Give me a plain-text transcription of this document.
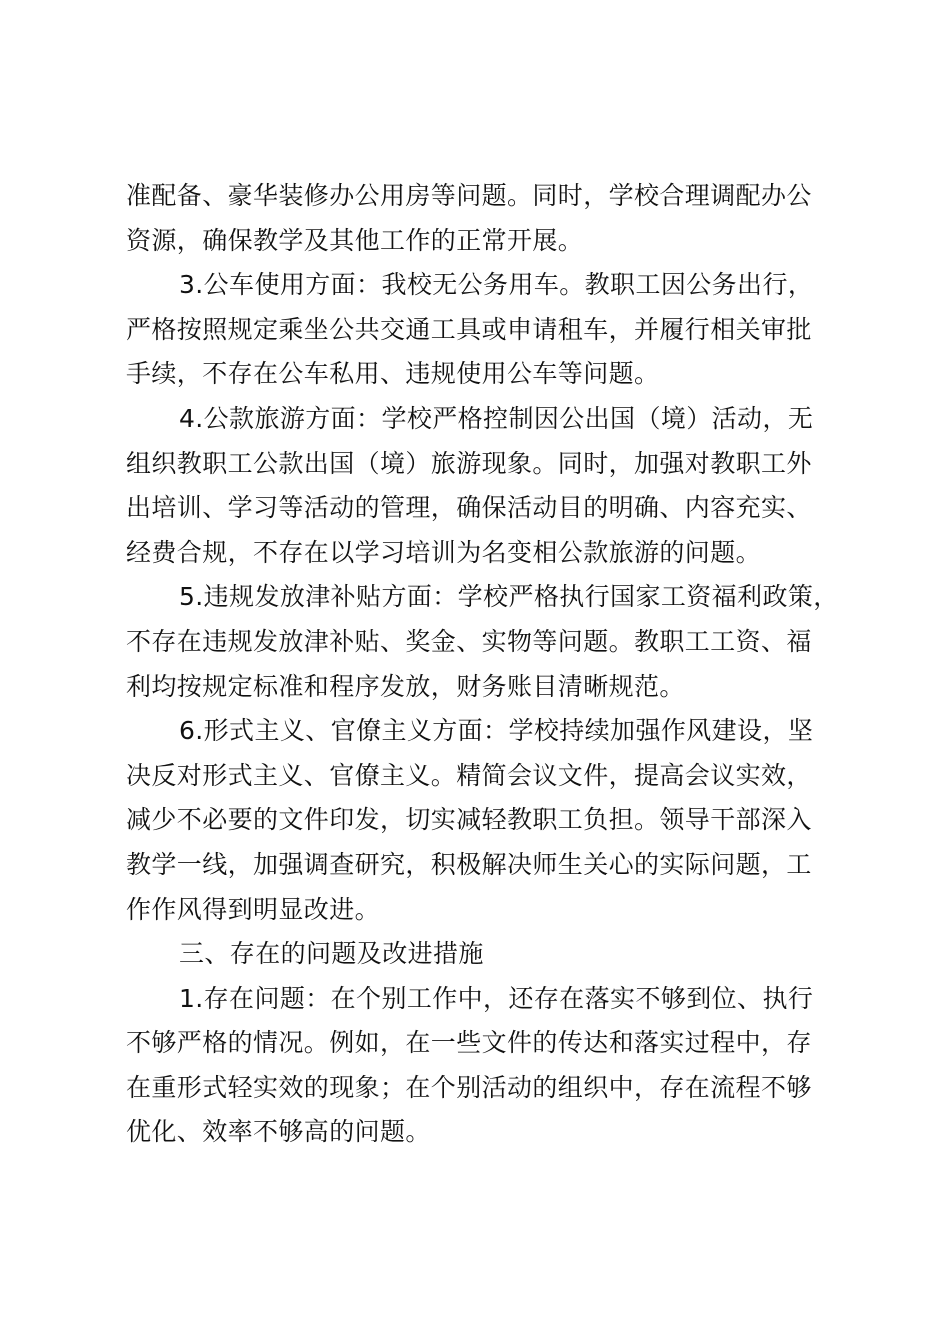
准配备、豪华装修办公用房等问题。同时，学校合理调配办公
资源，确保教学及其他工作的正常开展。
3.公车使用方面：我校无公务用车。教职工因公务出行，
严格按照规定乘坐公共交通工具或申请租车，并履行相关审批
手续，不存在公车私用、违规使用公车等问题。
4.公款旅游方面：学校严格控制因公出国（境）活动，无
组织教职工公款出国（境）旅游现象。同时，加强对教职工外
出培训、学习等活动的管理，确保活动目的明确、内容充实、
经费合规，不存在以学习培训为名变相公款旅游的问题。
5.违规发放津补贴方面：学校严格执行国家工资福利政策，
不存在违规发放津补贴、奖金、实物等问题。教职工工资、福
利均按规定标准和程序发放，财务账目清晰规范。
6.形式主义、官僚主义方面：学校持续加强作风建设，坚
决反对形式主义、官僚主义。精简会议文件，提高会议实效，
减少不必要的文件印发，切实减轻教职工负担。领导干部深入
教学一线，加强调查研究，积极解决师生关心的实际问题，工
作作风得到明显改进。
三、存在的问题及改进措施
1.存在问题：在个别工作中，还存在落实不够到位、执行
不够严格的情况。例如，在一些文件的传达和落实过程中，存
在重形式轻实效的现象；在个别活动的组织中，存在流程不够
优化、效率不够高的问题。
